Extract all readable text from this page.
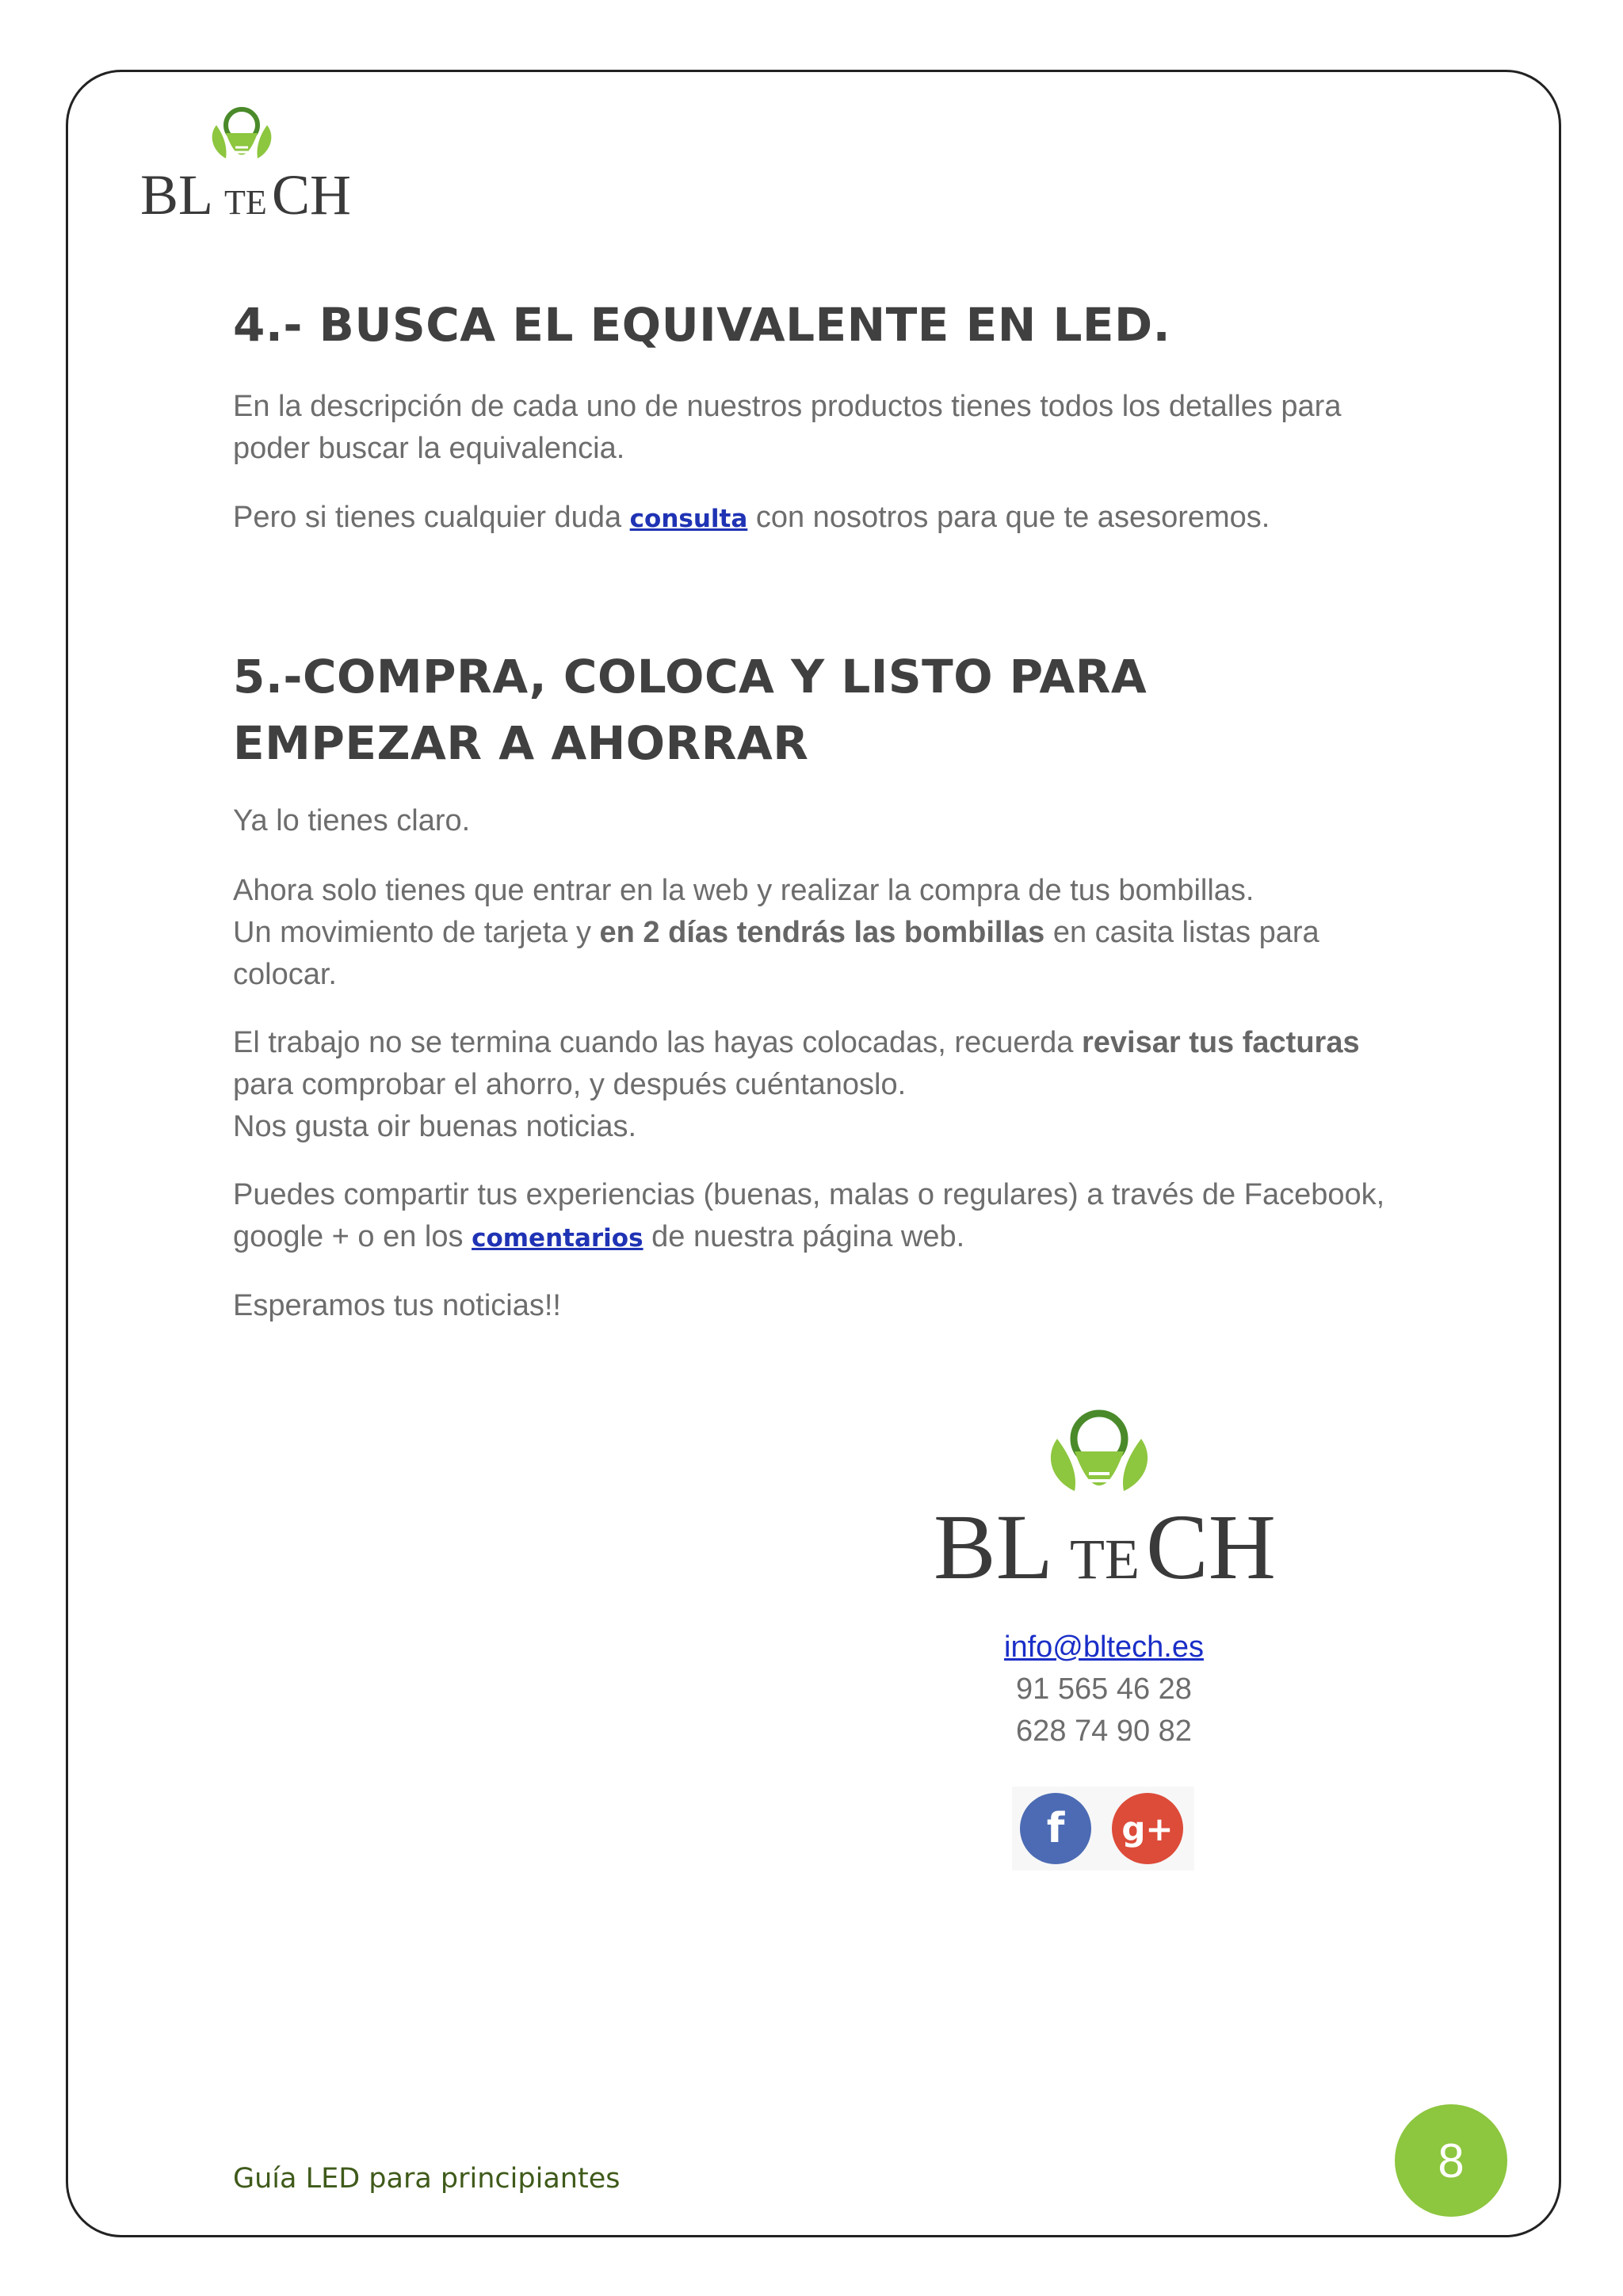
BL TE CH
4.- BUSCA EL EQUIVALENTE EN LED.

En la descripción de cada uno de nuestros productos tienes todos los detalles para poder buscar la equivalencia.

Pero si tienes cualquier duda consulta con nosotros para que te asesoremos.

5.-COMPRA, COLOCA Y LISTO PARA EMPEZAR A AHORRAR

Ya lo tienes claro.

Ahora solo tienes que entrar en la web y realizar la compra de tus bombillas.
Un movimiento de tarjeta y en 2 días tendrás las bombillas en casita listas para colocar.

El trabajo no se termina cuando las hayas colocadas, recuerda revisar tus facturas para comprobar el ahorro, y después cuéntanoslo.
Nos gusta oir buenas noticias.

Puedes compartir tus experiencias (buenas, malas o regulares) a través de Facebook, google + o en los comentarios de nuestra página web.

Esperamos tus noticias!!

BL TE CH
info@bltech.es
91 565 46 28
628 74 90 82
f	g+
Guía LED para principiantes	8
